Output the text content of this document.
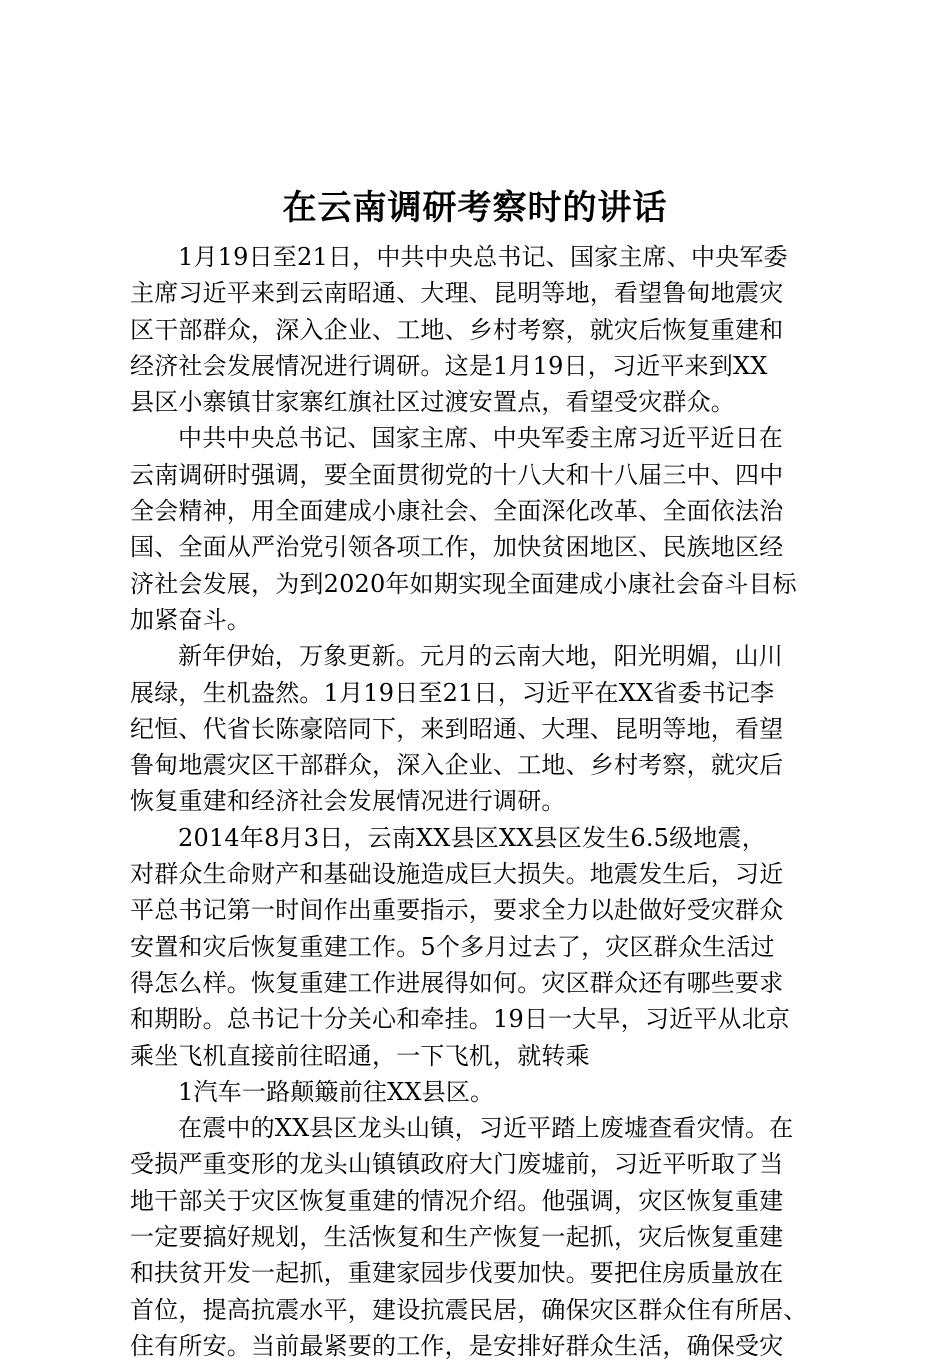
在云南调研考察时的讲话
1月19日至21日，中共中央总书记、国家主席、中央军委
主席习近平来到云南昭通、大理、昆明等地，看望鲁甸地震灾
区干部群众，深入企业、工地、乡村考察，就灾后恢复重建和
经济社会发展情况进行调研。这是1月19日，习近平来到XX
县区小寨镇甘家寨红旗社区过渡安置点，看望受灾群众。
中共中央总书记、国家主席、中央军委主席习近平近日在
云南调研时强调，要全面贯彻党的十八大和十八届三中、四中
全会精神，用全面建成小康社会、全面深化改革、全面依法治
国、全面从严治党引领各项工作，加快贫困地区、民族地区经
济社会发展，为到2020年如期实现全面建成小康社会奋斗目标
加紧奋斗。
新年伊始，万象更新。元月的云南大地，阳光明媚，山川
展绿，生机盎然。1月19日至21日，习近平在XX省委书记李
纪恒、代省长陈豪陪同下，来到昭通、大理、昆明等地，看望
鲁甸地震灾区干部群众，深入企业、工地、乡村考察，就灾后
恢复重建和经济社会发展情况进行调研。
2014年8月3日，云南XX县区XX县区发生6.5级地震，
对群众生命财产和基础设施造成巨大损失。地震发生后，习近
平总书记第一时间作出重要指示，要求全力以赴做好受灾群众
安置和灾后恢复重建工作。5个多月过去了，灾区群众生活过
得怎么样。恢复重建工作进展得如何。灾区群众还有哪些要求
和期盼。总书记十分关心和牵挂。19日一大早，习近平从北京
乘坐飞机直接前往昭通，一下飞机，就转乘
1汽车一路颠簸前往XX县区。
在震中的XX县区龙头山镇，习近平踏上废墟查看灾情。在
受损严重变形的龙头山镇镇政府大门废墟前，习近平听取了当
地干部关于灾区恢复重建的情况介绍。他强调，灾区恢复重建
一定要搞好规划，生活恢复和生产恢复一起抓，灾后恢复重建
和扶贫开发一起抓，重建家园步伐要加快。要把住房质量放在
首位，提高抗震水平，建设抗震民居，确保灾区群众住有所居、
住有所安。当前最紧要的工作，是安排好群众生活，确保受灾
